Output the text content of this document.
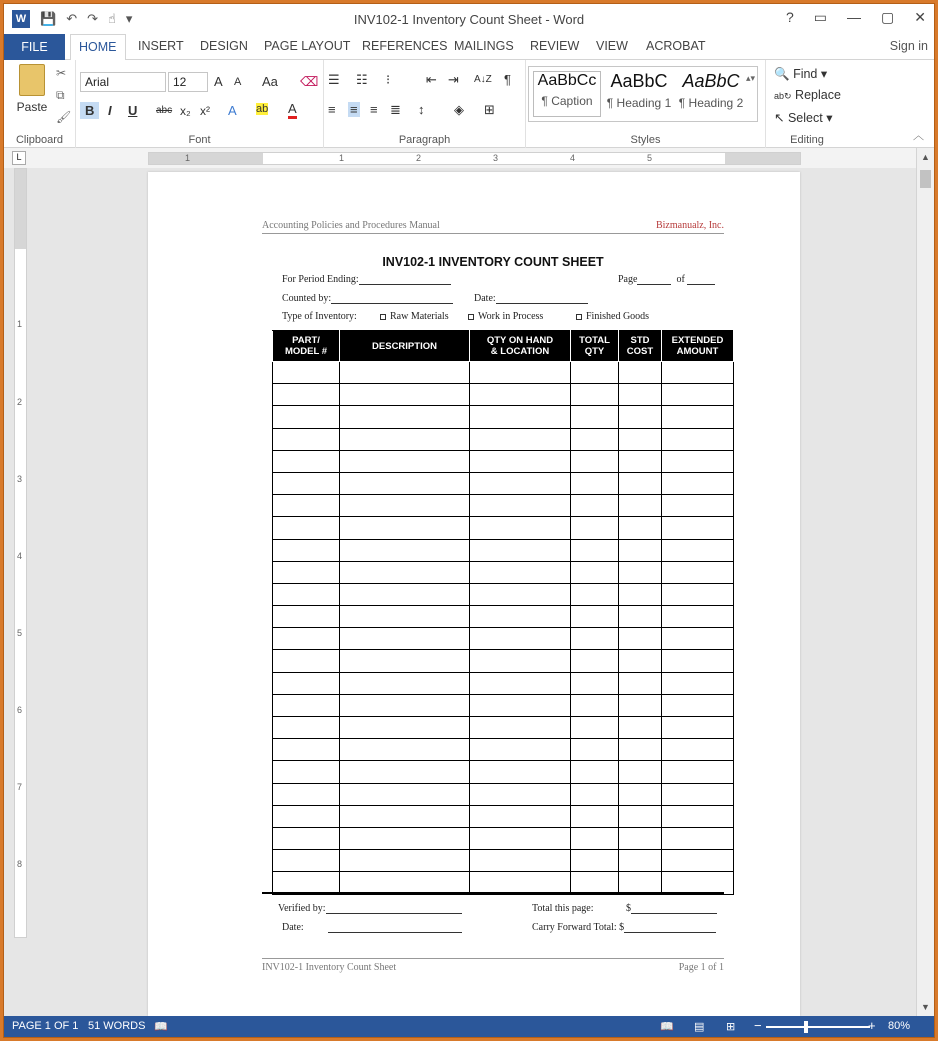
W 💾 ↶ ↷ ☝ ▾	INV102-1 Inventory Count Sheet - Word	? ▭ — ▢ ✕
FILE	HOME	INSERT DESIGN PAGE LAYOUT REFERENCES MAILINGS REVIEW VIEW ACROBAT	Sign in
Paste
✂
⧉
🖌
Clipboard
Arial	12	A A Aa ⌫
B	I U abc x₂ x² A ab A
Font
☰ ☷ ⁝	⇤ ⇥ A↓Z ¶
≡ ≡ ≡ ≣ ↕ ◈ ⊞
Paragraph	Styles
AaBbCc
¶ Caption
AaBbC
¶ Heading 1
AaBbC
¶ Heading 2
▴▾
Editing
🔍 Find ▾
ab↻ Replace
↖ Select ▾
︿
L	1	1	2	3	4	5
1
2
3
4
5
6
7
8
Accounting Policies and Procedures Manual	Bizmanualz, Inc.
INV102-1 INVENTORY COUNT SHEET
For Period Ending:	Page	of
Counted by:	Date:
Type of Inventory:	Raw Materials	Work in Process	Finished Goods
PART/
MODEL #	DESCRIPTION	QTY ON HAND
& LOCATION	TOTAL
QTY	STD
COST	EXTENDED
AMOUNT

Verified by:
Date:
Total this page:	$
Carry Forward Total: $
INV102-1 Inventory Count Sheet	Page 1 of 1
▲
▼
PAGE 1 OF 1 51 WORDS 📖	📖 ▤ ⊞ −	+ 80%
